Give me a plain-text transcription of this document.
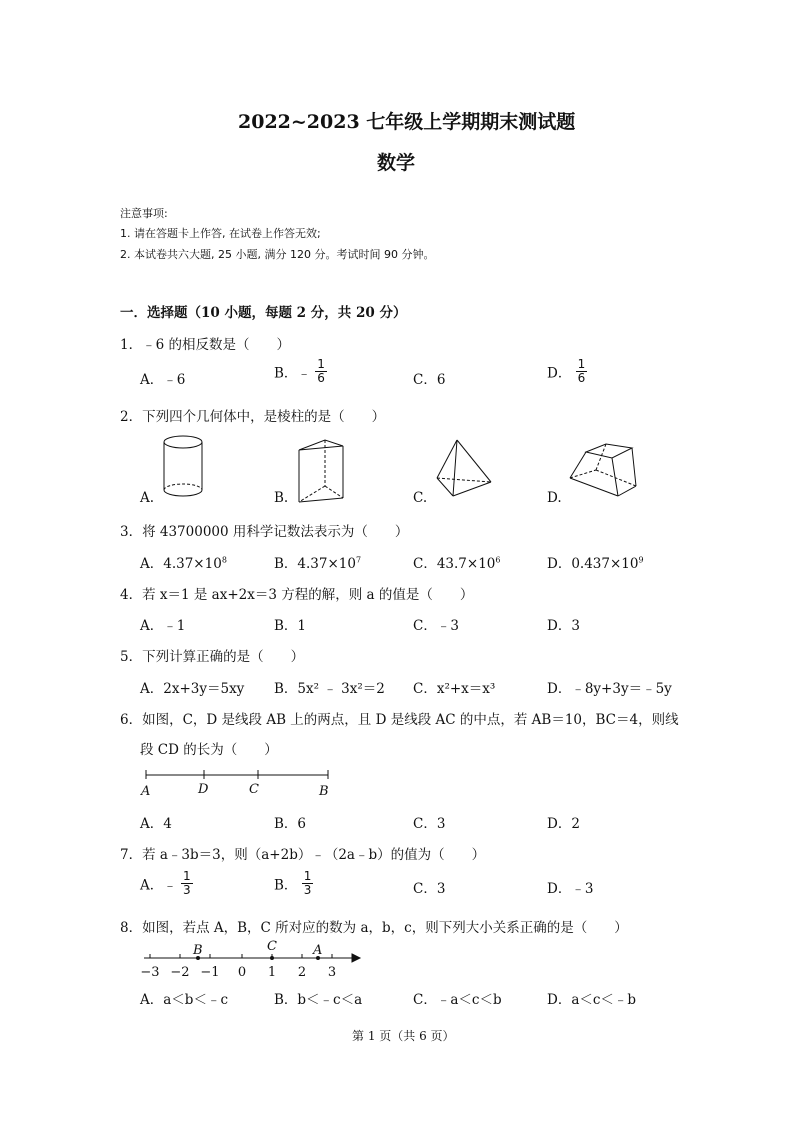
2022~2023 七年级上学期期末测试题
数学
注意事项:
1. 请在答题卡上作答, 在试卷上作答无效;
2. 本试卷共六大题, 25 小题, 满分 120 分。考试时间 90 分钟。
一．选择题（10 小题，每题 2 分，共 20 分）
1．﹣6 的相反数是（　　）
A．﹣6	B．﹣ $\frac{1}{6}$	C．6	D． $\frac{1}{6}$
2．下列四个几何体中，是棱柱的是（　　）
A.	B.	C.	D.
3．将 43700000 用科学记数法表示为（　　）
A．$4.37\times 10^8$	B．$4.37\times 10^7$	C．$43.7\times 10^6$	D．$0.437\times 10^9$
4．若 x＝1 是 ax+2x＝3 方程的解，则 a 的值是（　　）
A．﹣1	B．1	C．﹣3	D．3
5．下列计算正确的是（　　）
A．2x+3y＝5xy B．5x² ﹣ 3x²＝2 C．x²+x＝x³	D．﹣8y+3y＝﹣5y
6．如图，C，D 是线段 AB 上的两点，且 D 是线段 AC 的中点，若 AB＝10，BC＝4，则线
段 CD 的长为（　　）
A	D	C	B
A．4	B．6	C．3	D．2
7．若 a﹣3b＝3，则（a+2b）﹣（2a﹣b）的值为（　　）
A．﹣ $\frac{1}{3}$	B． $\frac{1}{3}$	C．3	D．﹣3
8．如图，若点 A，B，C 所对应的数为 a，b，c，则下列大小关系正确的是（　　）
B	C	A
−3 −2 −1 0 1 2 3
A．a＜b＜﹣c	B．b＜﹣c＜a	C．﹣a＜c＜b	D．a＜c＜﹣b
第 1 页（共 6 页）
